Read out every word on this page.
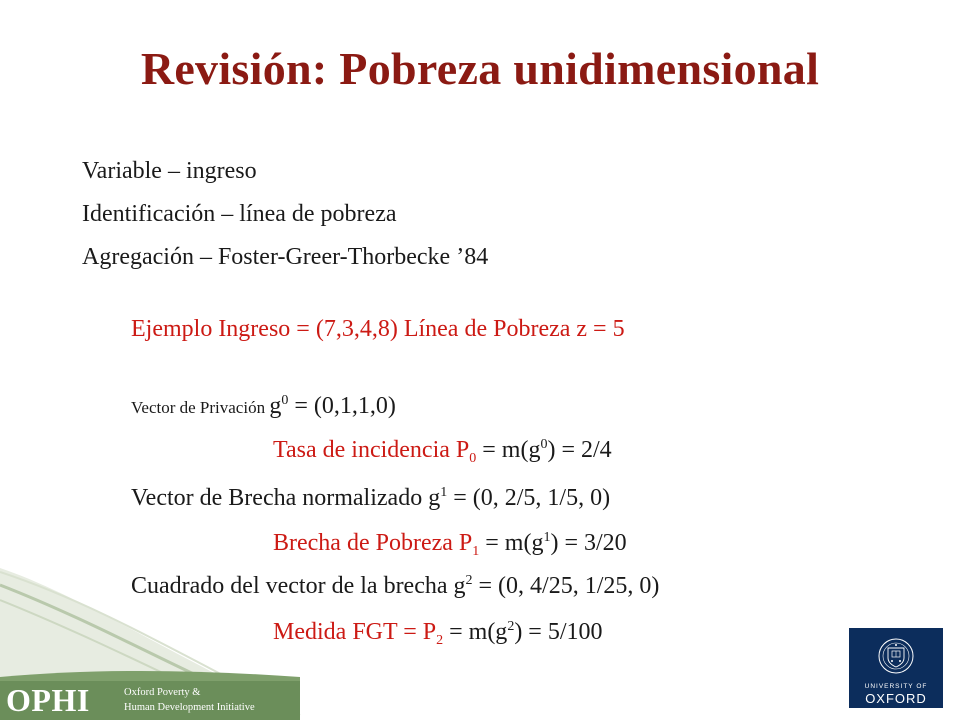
Revisión: Pobreza unidimensional
Variable – ingreso
Identificación – línea de pobreza
Agregación – Foster-Greer-Thorbecke ’84
Ejemplo Ingreso = (7,3,4,8) Línea de Pobreza z = 5
Vector de Privación $g^0 = (0,1,1,0)$
Tasa de incidencia $P_0 = m(g^0) = 2/4$
Vector de Brecha normalizado $g^1 = (0$, 2/5, 1/5, 0)
Brecha de Pobreza $P_1 = m(g^1) = 3/20$
Cuadrado del vector de la brecha $g^2 = (0$, 4/25, 1/25, 0)
Medida FGT = $P_2 = m(g^2) = 5/100$
OPHI	Oxford Poverty &
Human Development Initiative
UNIVERSITY OF
OXFORD
